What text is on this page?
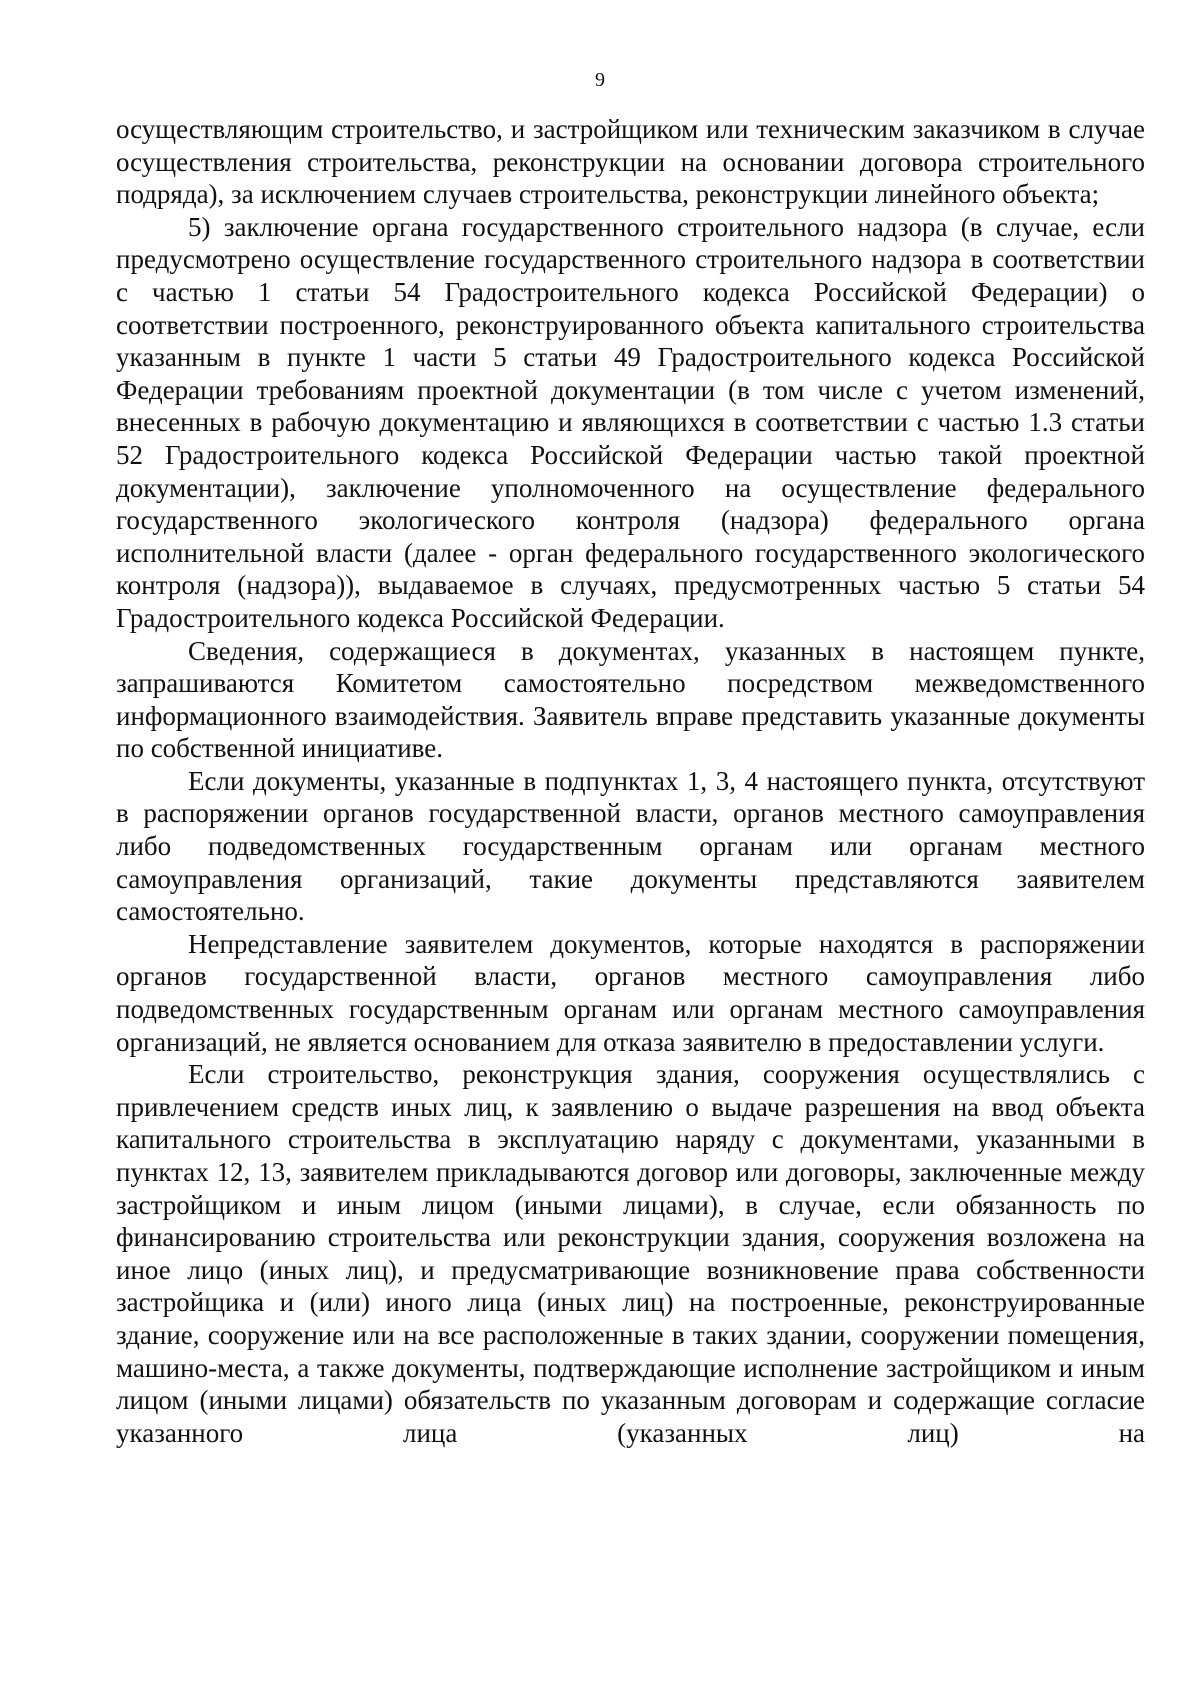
9

осуществляющим строительство, и застройщиком или техническим заказчиком в случае осуществления строительства, реконструкции на основании договора строительного подряда), за исключением случаев строительства, реконструкции линейного объекта;

5) заключение органа государственного строительного надзора (в случае, если предусмотрено осуществление государственного строительного надзора в соответствии с частью 1 статьи 54 Градостроительного кодекса Российской Федерации) о соответствии построенного, реконструированного объекта капитального строительства указанным в пункте 1 части 5 статьи 49 Градостроительного кодекса Российской Федерации требованиям проектной документации (в том числе с учетом изменений, внесенных в рабочую документацию и являющихся в соответствии с частью 1.3 статьи 52 Градостроительного кодекса Российской Федерации частью такой проектной документации), заключение уполномоченного на осуществление федерального государственного экологического контроля (надзора) федерального органа исполнительной власти (далее - орган федерального государственного экологического контроля (надзора)), выдаваемое в случаях, предусмотренных частью 5 статьи 54 Градостроительного кодекса Российской Федерации.

Сведения, содержащиеся в документах, указанных в настоящем пункте, запрашиваются Комитетом самостоятельно посредством межведомственного информационного взаимодействия. Заявитель вправе представить указанные документы по собственной инициативе.

Если документы, указанные в подпунктах 1, 3, 4 настоящего пункта, отсутствуют в распоряжении органов государственной власти, органов местного самоуправления либо подведомственных государственным органам или органам местного самоуправления организаций, такие документы представляются заявителем самостоятельно.

Непредставление заявителем документов, которые находятся в распоряжении органов государственной власти, органов местного самоуправления либо подведомственных государственным органам или органам местного самоуправления организаций, не является основанием для отказа заявителю в предоставлении услуги.

Если строительство, реконструкция здания, сооружения осуществлялись с привлечением средств иных лиц, к заявлению о выдаче разрешения на ввод объекта капитального строительства в эксплуатацию наряду с документами, указанными в пунктах 12, 13, заявителем прикладываются договор или договоры, заключенные между застройщиком и иным лицом (иными лицами), в случае, если обязанность по финансированию строительства или реконструкции здания, сооружения возложена на иное лицо (иных лиц), и предусматривающие возникновение права собственности застройщика и (или) иного лица (иных лиц) на построенные, реконструированные здание, сооружение или на все расположенные в таких здании, сооружении помещения, машино-места, а также документы, подтверждающие исполнение застройщиком и иным лицом (иными лицами) обязательств по указанным договорам и содержащие согласие указанного лица (указанных лиц) на
